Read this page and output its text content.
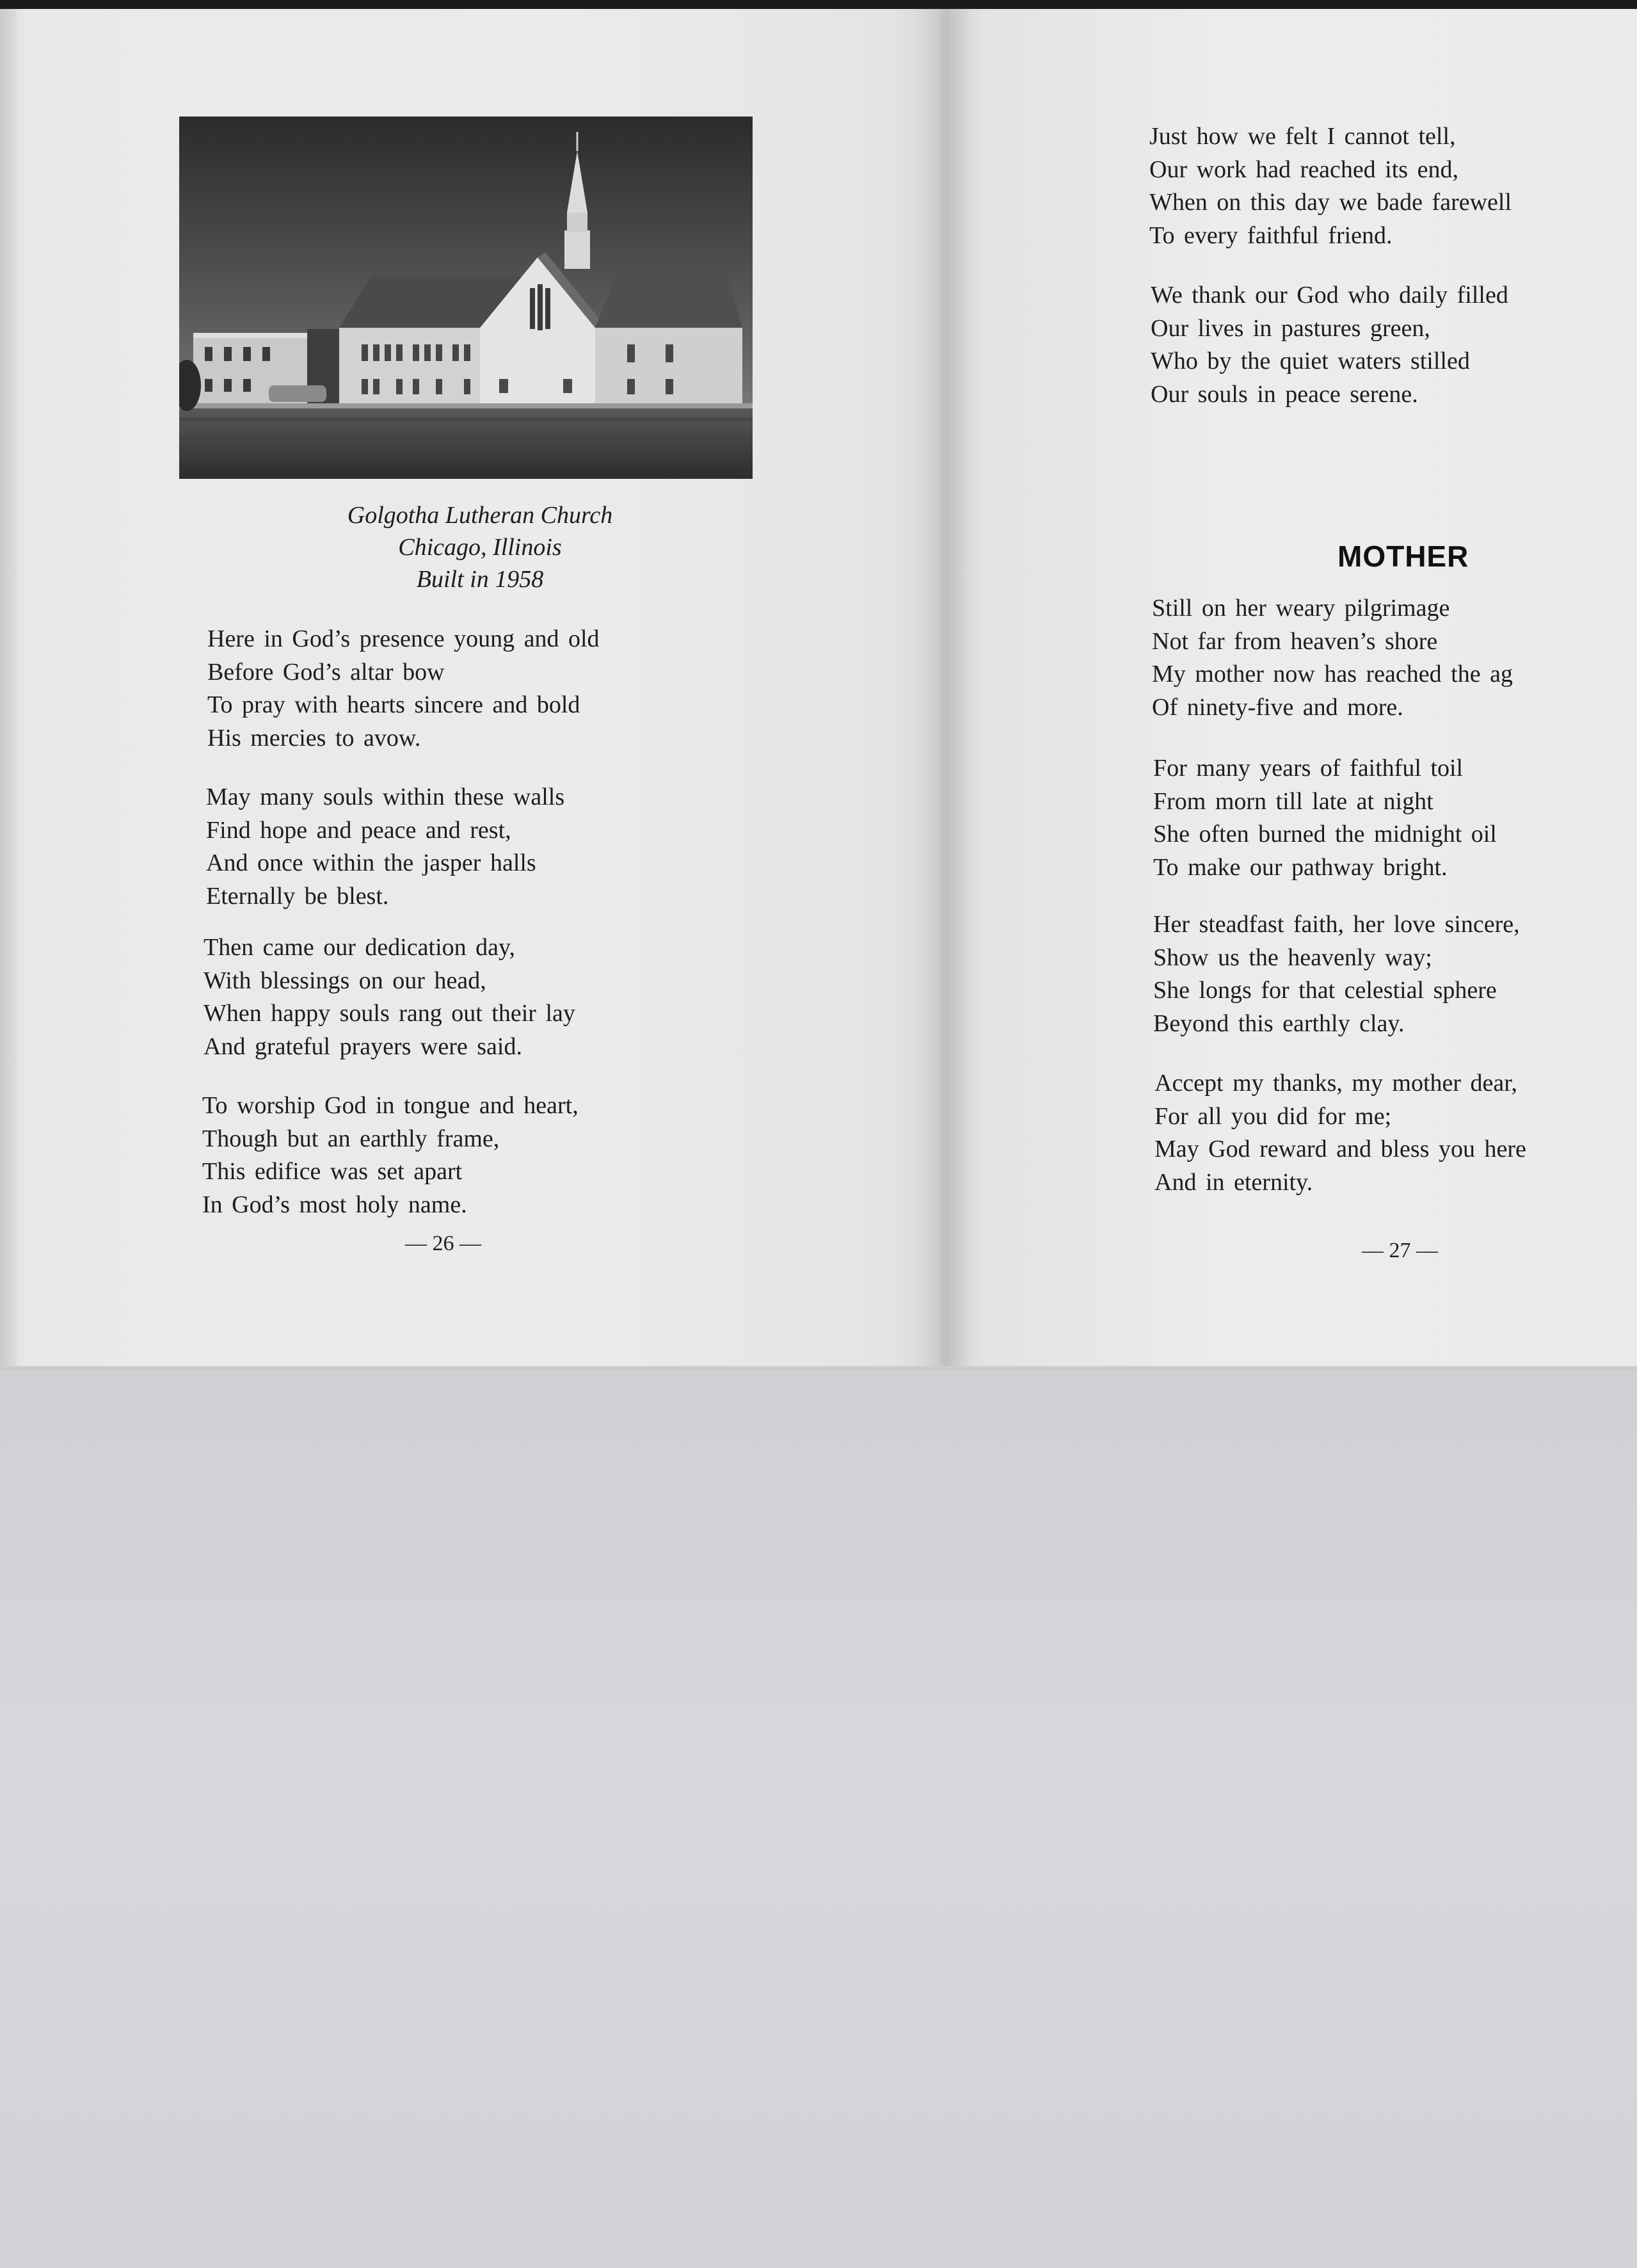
Golgotha Lutheran Church
Chicago, Illinois
Built in 1958
Here in God’s presence young and old
Before God’s altar bow
To pray with hearts sincere and bold
His mercies to avow.
May many souls within these walls
Find hope and peace and rest,
And once within the jasper halls
Eternally be blest.
Then came our dedication day,
With blessings on our head,
When happy souls rang out their lay
And grateful prayers were said.
To worship God in tongue and heart,
Though but an earthly frame,
This edifice was set apart
In God’s most holy name.
— 26 —
Just how we felt I cannot tell,
Our work had reached its end,
When on this day we bade farewell
To every faithful friend.
We thank our God who daily filled
Our lives in pastures green,
Who by the quiet waters stilled
Our souls in peace serene.
MOTHER
Still on her weary pilgrimage
Not far from heaven’s shore
My mother now has reached the ag
Of ninety-five and more.
For many years of faithful toil
From morn till late at night
She often burned the midnight oil
To make our pathway bright.
Her steadfast faith, her love sincere,
Show us the heavenly way;
She longs for that celestial sphere
Beyond this earthly clay.
Accept my thanks, my mother dear,
For all you did for me;
May God reward and bless you here
And in eternity.
— 27 —
